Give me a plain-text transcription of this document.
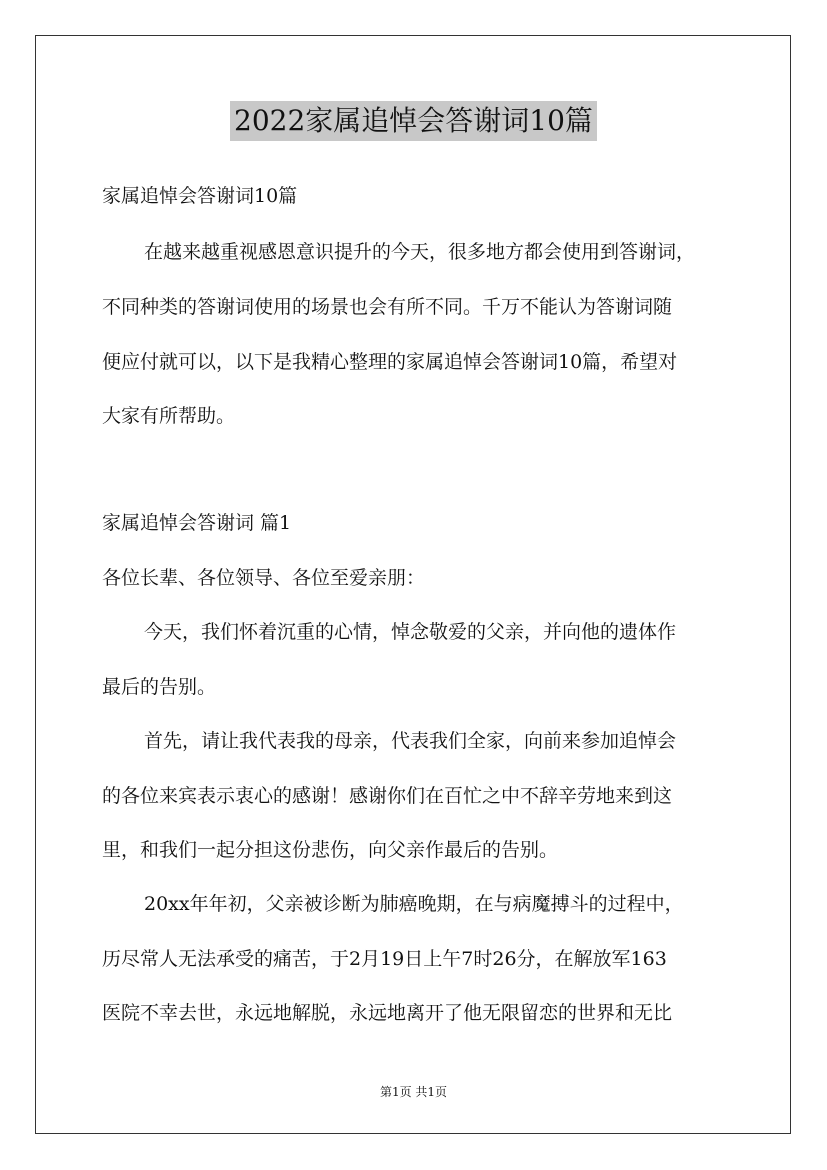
2022家属追悼会答谢词10篇
家属追悼会答谢词10篇
在越来越重视感恩意识提升的今天，很多地方都会使用到答谢词，
不同种类的答谢词使用的场景也会有所不同。千万不能认为答谢词随
便应付就可以，以下是我精心整理的家属追悼会答谢词10篇，希望对
大家有所帮助。
家属追悼会答谢词 篇1
各位长辈、各位领导、各位至爱亲朋：
今天，我们怀着沉重的心情，悼念敬爱的父亲，并向他的遗体作
最后的告别。
首先，请让我代表我的母亲，代表我们全家，向前来参加追悼会
的各位来宾表示衷心的感谢！感谢你们在百忙之中不辞辛劳地来到这
里，和我们一起分担这份悲伤，向父亲作最后的告别。
20xx年年初，父亲被诊断为肺癌晚期，在与病魔搏斗的过程中，
历尽常人无法承受的痛苦，于2月19日上午7时26分，在解放军163
医院不幸去世，永远地解脱，永远地离开了他无限留恋的世界和无比
第1页 共1页
